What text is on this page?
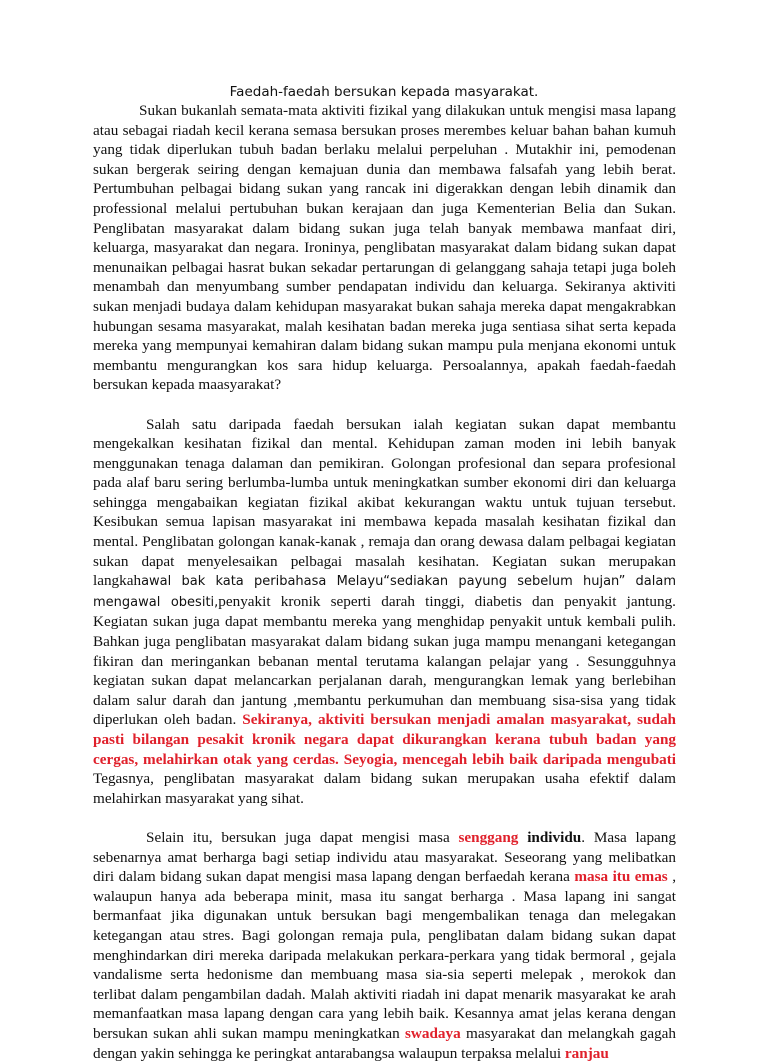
Faedah-faedah bersukan kepada masyarakat.

Sukan bukanlah semata-mata aktiviti fizikal yang dilakukan untuk mengisi masa lapang atau sebagai riadah kecil kerana semasa bersukan proses merembes keluar bahan bahan kumuh yang tidak diperlukan tubuh badan berlaku melalui perpeluhan . Mutakhir ini, pemodenan sukan bergerak seiring dengan kemajuan dunia dan membawa falsafah yang lebih berat. Pertumbuhan pelbagai bidang sukan yang rancak ini digerakkan dengan lebih dinamik dan professional melalui pertubuhan bukan kerajaan dan juga Kementerian Belia dan Sukan. Penglibatan masyarakat dalam bidang sukan juga telah banyak membawa manfaat diri, keluarga, masyarakat dan negara. Ironinya, penglibatan masyarakat dalam bidang sukan dapat menunaikan pelbagai hasrat bukan sekadar pertarungan di gelanggang sahaja tetapi juga boleh menambah dan menyumbang sumber pendapatan individu dan keluarga. Sekiranya aktiviti sukan menjadi budaya dalam kehidupan masyarakat bukan sahaja mereka dapat mengakrabkan hubungan sesama masyarakat, malah kesihatan badan mereka juga sentiasa sihat serta kepada mereka yang mempunyai kemahiran dalam bidang sukan mampu pula menjana ekonomi untuk membantu mengurangkan kos sara hidup keluarga. Persoalannya, apakah faedah-faedah bersukan kepada maasyarakat?

Salah satu daripada faedah bersukan ialah kegiatan sukan dapat membantu mengekalkan kesihatan fizikal dan mental. Kehidupan zaman moden ini lebih banyak menggunakan tenaga dalaman dan pemikiran. Golongan profesional dan separa profesional pada alaf baru sering berlumba-lumba untuk meningkatkan sumber ekonomi diri dan keluarga sehingga mengabaikan kegiatan fizikal akibat kekurangan waktu untuk tujuan tersebut. Kesibukan semua lapisan masyarakat ini membawa kepada masalah kesihatan fizikal dan mental. Penglibatan golongan kanak-kanak , remaja dan orang dewasa dalam pelbagai kegiatan sukan dapat menyelesaikan pelbagai masalah kesihatan. Kegiatan sukan merupakan langkahawal bak kata peribahasa Melayu“sediakan payung sebelum hujan” dalam mengawal obesiti,penyakit kronik seperti darah tinggi, diabetis dan penyakit jantung. Kegiatan sukan juga dapat membantu mereka yang menghidap penyakit untuk kembali pulih. Bahkan juga penglibatan masyarakat dalam bidang sukan juga mampu menangani ketegangan fikiran dan meringankan bebanan mental terutama kalangan pelajar yang . Sesungguhnya kegiatan sukan dapat melancarkan perjalanan darah, mengurangkan lemak yang berlebihan dalam salur darah dan jantung ,membantu perkumuhan dan membuang sisa-sisa yang tidak diperlukan oleh badan. Sekiranya, aktiviti bersukan menjadi amalan masyarakat, sudah pasti bilangan pesakit kronik negara dapat dikurangkan kerana tubuh badan yang cergas, melahirkan otak yang cerdas. Seyogia, mencegah lebih baik daripada mengubati Tegasnya, penglibatan masyarakat dalam bidang sukan merupakan usaha efektif dalam melahirkan masyarakat yang sihat.

Selain itu, bersukan juga dapat mengisi masa senggang individu. Masa lapang sebenarnya amat berharga bagi setiap individu atau masyarakat. Seseorang yang melibatkan diri dalam bidang sukan dapat mengisi masa lapang dengan berfaedah kerana masa itu emas , walaupun hanya ada beberapa minit, masa itu sangat berharga . Masa lapang ini sangat bermanfaat jika digunakan untuk bersukan bagi mengembalikan tenaga dan melegakan ketegangan atau stres. Bagi golongan remaja pula, penglibatan dalam bidang sukan dapat menghindarkan diri mereka daripada melakukan perkara-perkara yang tidak bermoral , gejala vandalisme serta hedonisme dan membuang masa sia-sia seperti melepak , merokok dan terlibat dalam pengambilan dadah. Malah aktiviti riadah ini dapat menarik masyarakat ke arah memanfaatkan masa lapang dengan cara yang lebih baik. Kesannya amat jelas kerana dengan bersukan sukan ahli sukan mampu meningkatkan swadaya masyarakat dan melangkah gagah dengan yakin sehingga ke peringkat antarabangsa walaupun terpaksa melalui ranjau
